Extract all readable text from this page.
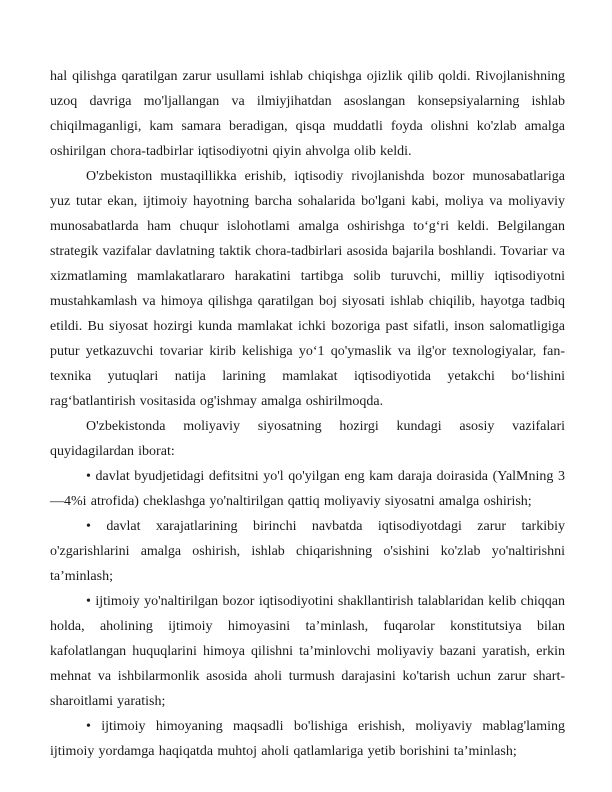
hal qilishga qaratilgan zarur usullami ishlab chiqishga ojizlik qilib qoldi. Rivojlanishning uzoq davriga mo'ljallangan va ilmiyjihatdan asoslangan konsepsiyalarning ishlab chiqilmaganligi, kam samara beradigan, qisqa muddatli foyda olishni ko'zlab amalga oshirilgan chora-tadbirlar iqtisodiyotni qiyin ahvolga olib keldi.

O'zbekiston mustaqillikka erishib, iqtisodiy rivojlanishda bozor munosabatlariga yuz tutar ekan, ijtimoiy hayotning barcha sohalarida bo'lgani kabi, moliya va moliyaviy munosabatlarda ham chuqur islohotlami amalga oshirishga to‘g‘ri keldi. Belgilangan strategik vazifalar davlatning taktik chora-tadbirlari asosida bajarila boshlandi. Tovariar va xizmatlaming mamlakatlararo harakatini tartibga solib turuvchi, milliy iqtisodiyotni mustahkamlash va himoya qilishga qaratilgan boj siyosati ishlab chiqilib, hayotga tadbiq etildi. Bu siyosat hozirgi kunda mamlakat ichki bozoriga past sifatli, inson salomatligiga putur yetkazuvchi tovariar kirib kelishiga yo‘1 qo'ymaslik va ilg'or texnologiyalar, fan-texnika yutuqlari natija larining mamlakat iqtisodiyotida yetakchi bo‘lishini rag‘batlantirish vositasida og'ishmay amalga oshirilmoqda.

O'zbekistonda moliyaviy siyosatning hozirgi kundagi asosiy vazifalari quyidagilardan iborat:

• davlat byudjetidagi defitsitni yo'l qo'yilgan eng kam daraja doirasida (YalMning 3—4%i atrofida) cheklashga yo'naltirilgan qattiq moliyaviy siyosatni amalga oshirish;

• davlat xarajatlarining birinchi navbatda iqtisodiyotdagi zarur tarkibiy o'zgarishlarini amalga oshirish, ishlab chiqarishning o'sishini ko'zlab yo'naltirishni ta’minlash;

• ijtimoiy yo'naltirilgan bozor iqtisodiyotini shakllantirish talablaridan kelib chiqqan holda, aholining ijtimoiy himoyasini ta’minlash, fuqarolar konstitutsiya bilan kafolatlangan huquqlarini himoya qilishni ta’minlovchi moliyaviy bazani yaratish, erkin mehnat va ishbilarmonlik asosida aholi turmush darajasini ko'tarish uchun zarur shart-sharoitlami yaratish;

• ijtimoiy himoyaning maqsadli bo'lishiga erishish, moliyaviy mablag'laming ijtimoiy yordamga haqiqatda muhtoj aholi qatlamlariga yetib borishini ta’minlash;
